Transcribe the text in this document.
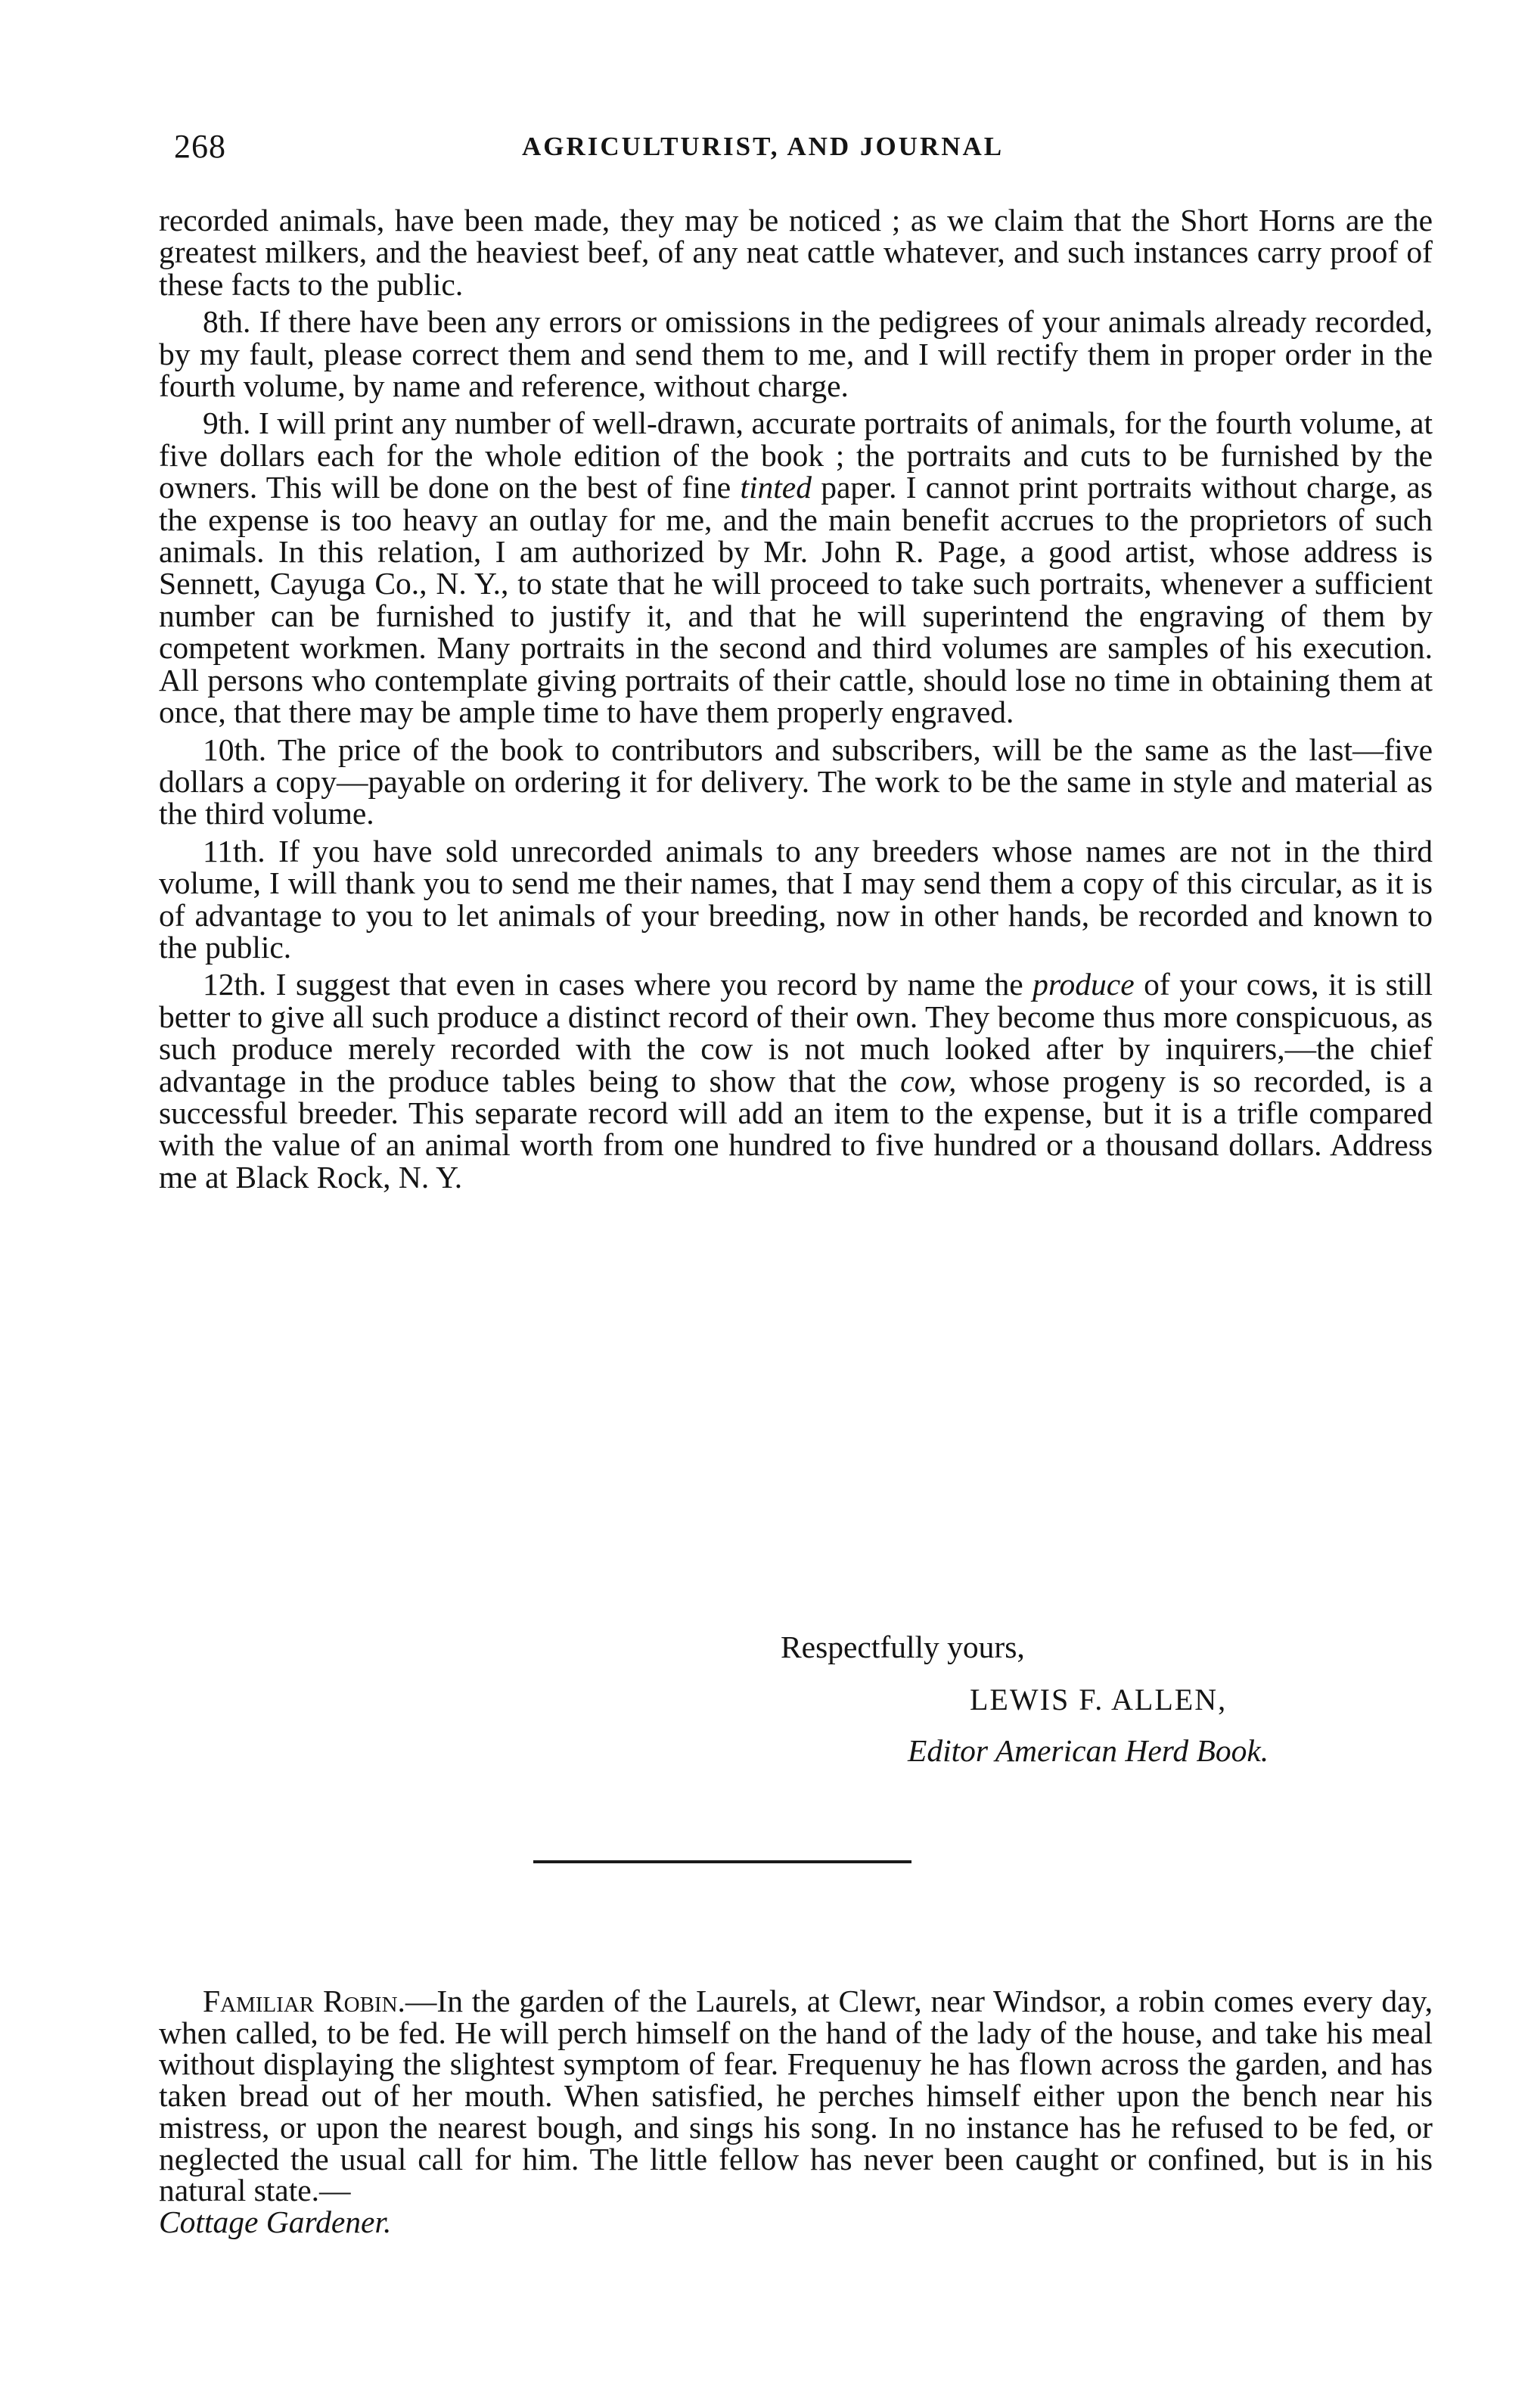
268	AGRICULTURIST, AND JOURNAL

recorded animals, have been made, they may be noticed ; as we claim that the Short Horns are the greatest milkers, and the heaviest beef, of any neat cattle whatever, and such instances carry proof of these facts to the public.

8th. If there have been any errors or omissions in the pedigrees of your animals already recorded, by my fault, please correct them and send them to me, and I will rectify them in proper order in the fourth volume, by name and reference, without charge.

9th. I will print any number of well-drawn, accurate portraits of animals, for the fourth volume, at five dollars each for the whole edition of the book ; the portraits and cuts to be furnished by the owners. This will be done on the best of fine tinted paper. I cannot print portraits without charge, as the expense is too heavy an outlay for me, and the main benefit accrues to the proprietors of such animals. In this relation, I am authorized by Mr. John R. Page, a good artist, whose address is Sennett, Cayuga Co., N. Y., to state that he will proceed to take such portraits, whenever a sufficient number can be furnished to justify it, and that he will superintend the engraving of them by competent workmen. Many portraits in the second and third volumes are samples of his execution. All persons who contemplate giving portraits of their cattle, should lose no time in obtaining them at once, that there may be ample time to have them properly engraved.

10th. The price of the book to contributors and subscribers, will be the same as the last—five dollars a copy—payable on ordering it for delivery. The work to be the same in style and material as the third volume.

11th. If you have sold unrecorded animals to any breeders whose names are not in the third volume, I will thank you to send me their names, that I may send them a copy of this circular, as it is of advantage to you to let animals of your breeding, now in other hands, be recorded and known to the public.

12th. I suggest that even in cases where you record by name the produce of your cows, it is still better to give all such produce a distinct record of their own. They become thus more conspicuous, as such produce merely recorded with the cow is not much looked after by inquirers,—the chief advantage in the produce tables being to show that the cow, whose progeny is so recorded, is a successful breeder. This separate record will add an item to the expense, but it is a trifle compared with the value of an animal worth from one hundred to five hundred or a thousand dollars. Address me at Black Rock, N. Y.

Respectfully yours,
LEWIS F. ALLEN,
Editor American Herd Book.

Familiar Robin.—In the garden of the Laurels, at Clewr, near Windsor, a robin comes every day, when called, to be fed. He will perch himself on the hand of the lady of the house, and take his meal without displaying the slightest symptom of fear. Frequenuy he has flown across the garden, and has taken bread out of her mouth. When satisfied, he perches himself either upon the bench near his mistress, or upon the nearest bough, and sings his song. In no instance has he refused to be fed, or neglected the usual call for him. The little fellow has never been caught or confined, but is in his natural state.—
Cottage Gardener.
